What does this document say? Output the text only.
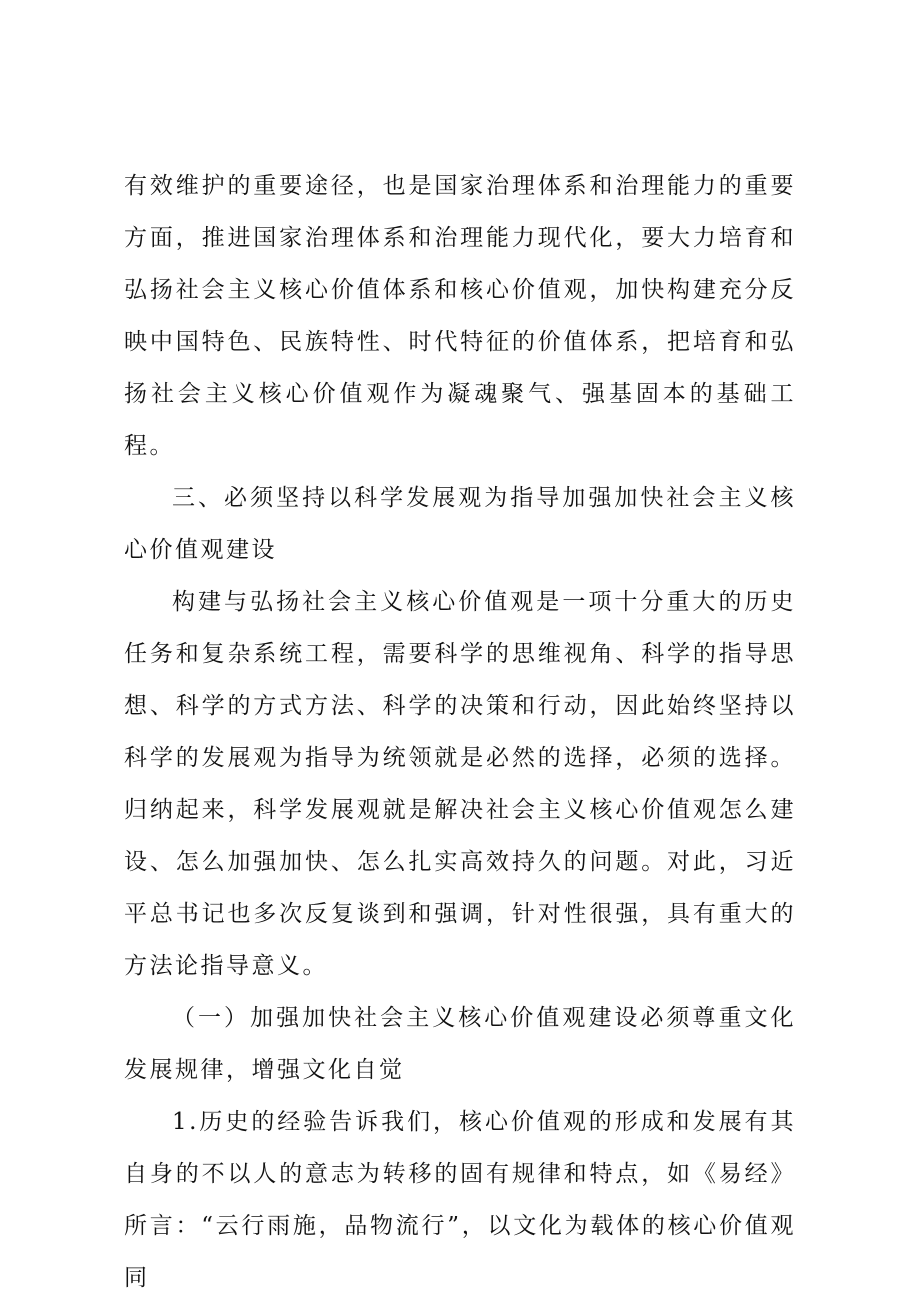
有效维护的重要途径，也是国家治理体系和治理能力的重要方面，推进国家治理体系和治理能力现代化，要大力培育和弘扬社会主义核心价值体系和核心价值观，加快构建充分反映中国特色、民族特性、时代特征的价值体系，把培育和弘扬社会主义核心价值观作为凝魂聚气、强基固本的基础工程。

三、必须坚持以科学发展观为指导加强加快社会主义核心价值观建设

构建与弘扬社会主义核心价值观是一项十分重大的历史任务和复杂系统工程，需要科学的思维视角、科学的指导思想、科学的方式方法、科学的决策和行动，因此始终坚持以科学的发展观为指导为统领就是必然的选择，必须的选择。归纳起来，科学发展观就是解决社会主义核心价值观怎么建设、怎么加强加快、怎么扎实高效持久的问题。对此，习近平总书记也多次反复谈到和强调，针对性很强，具有重大的方法论指导意义。

（一）加强加快社会主义核心价值观建设必须尊重文化发展规律，增强文化自觉

1.历史的经验告诉我们，核心价值观的形成和发展有其自身的不以人的意志为转移的固有规律和特点，如《易经》所言：“云行雨施，品物流行”，以文化为载体的核心价值观同
